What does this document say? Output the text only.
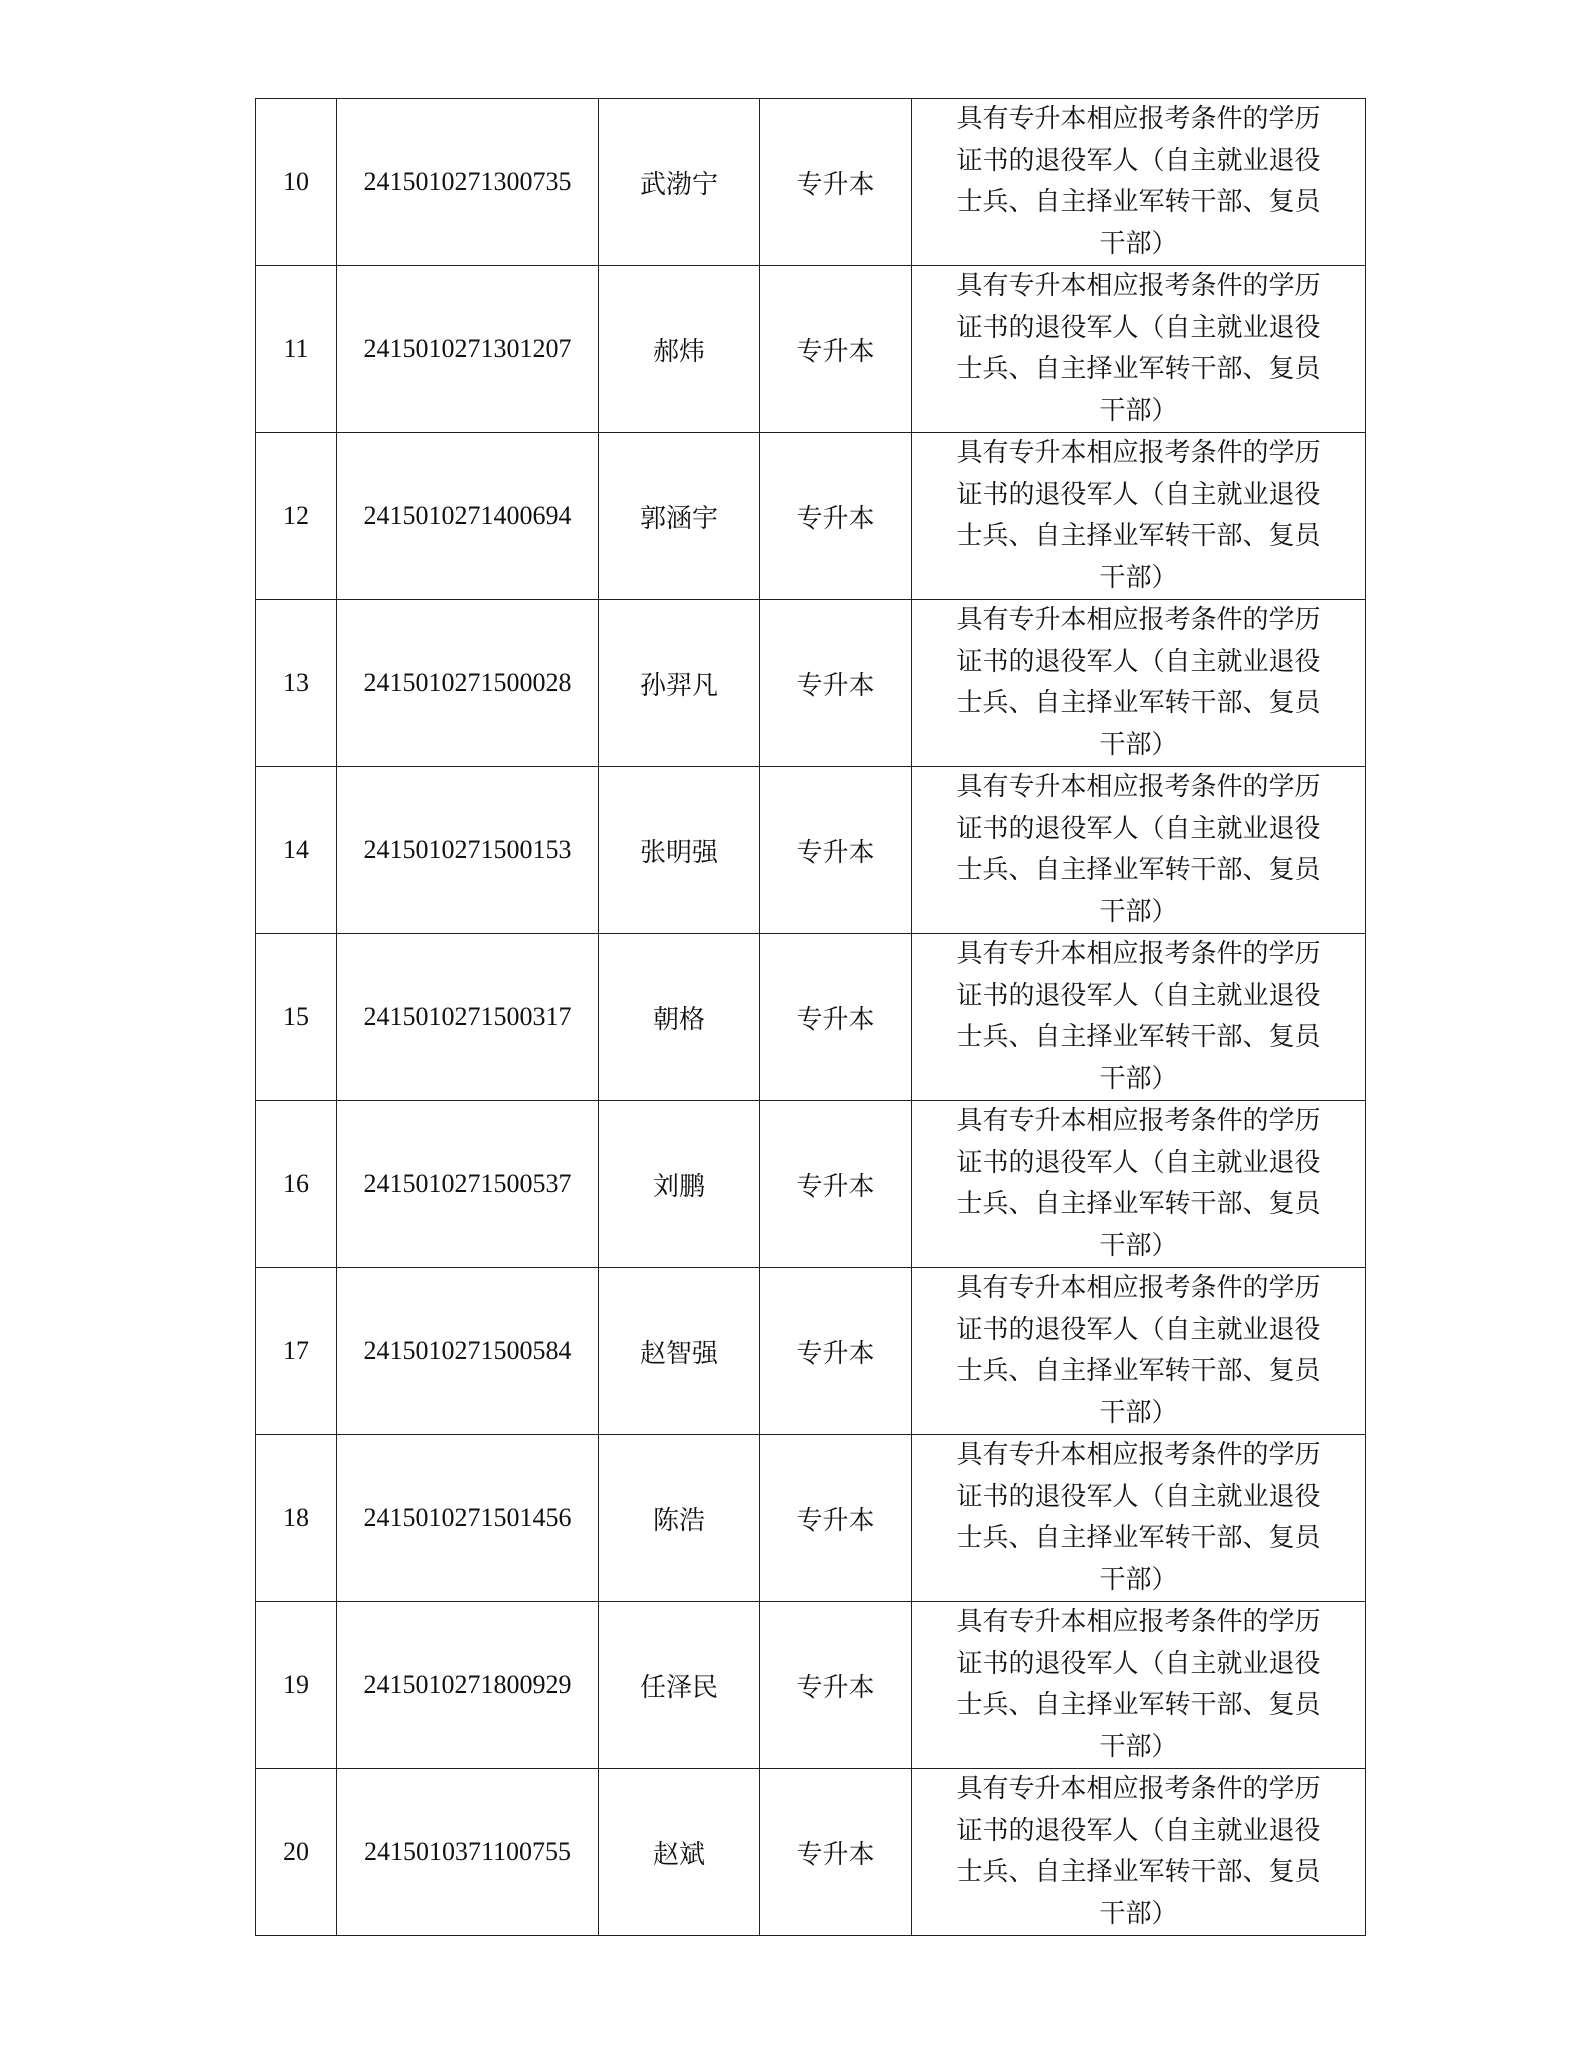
10	2415010271300735	武渤宁	专升本	具有专升本相应报考条件的学历
证书的退役军人（自主就业退役
士兵、自主择业军转干部、复员
干部）

11	2415010271301207	郝炜	专升本	具有专升本相应报考条件的学历
证书的退役军人（自主就业退役
士兵、自主择业军转干部、复员
干部）

12	2415010271400694	郭涵宇	专升本	具有专升本相应报考条件的学历
证书的退役军人（自主就业退役
士兵、自主择业军转干部、复员
干部）

13	2415010271500028	孙羿凡	专升本	具有专升本相应报考条件的学历
证书的退役军人（自主就业退役
士兵、自主择业军转干部、复员
干部）

14	2415010271500153	张明强	专升本	具有专升本相应报考条件的学历
证书的退役军人（自主就业退役
士兵、自主择业军转干部、复员
干部）

15	2415010271500317	朝格	专升本	具有专升本相应报考条件的学历
证书的退役军人（自主就业退役
士兵、自主择业军转干部、复员
干部）

16	2415010271500537	刘鹏	专升本	具有专升本相应报考条件的学历
证书的退役军人（自主就业退役
士兵、自主择业军转干部、复员
干部）

17	2415010271500584	赵智强	专升本	具有专升本相应报考条件的学历
证书的退役军人（自主就业退役
士兵、自主择业军转干部、复员
干部）

18	2415010271501456	陈浩	专升本	具有专升本相应报考条件的学历
证书的退役军人（自主就业退役
士兵、自主择业军转干部、复员
干部）

19	2415010271800929	任泽民	专升本	具有专升本相应报考条件的学历
证书的退役军人（自主就业退役
士兵、自主择业军转干部、复员
干部）

20	2415010371100755	赵斌	专升本	具有专升本相应报考条件的学历
证书的退役军人（自主就业退役
士兵、自主择业军转干部、复员
干部）
